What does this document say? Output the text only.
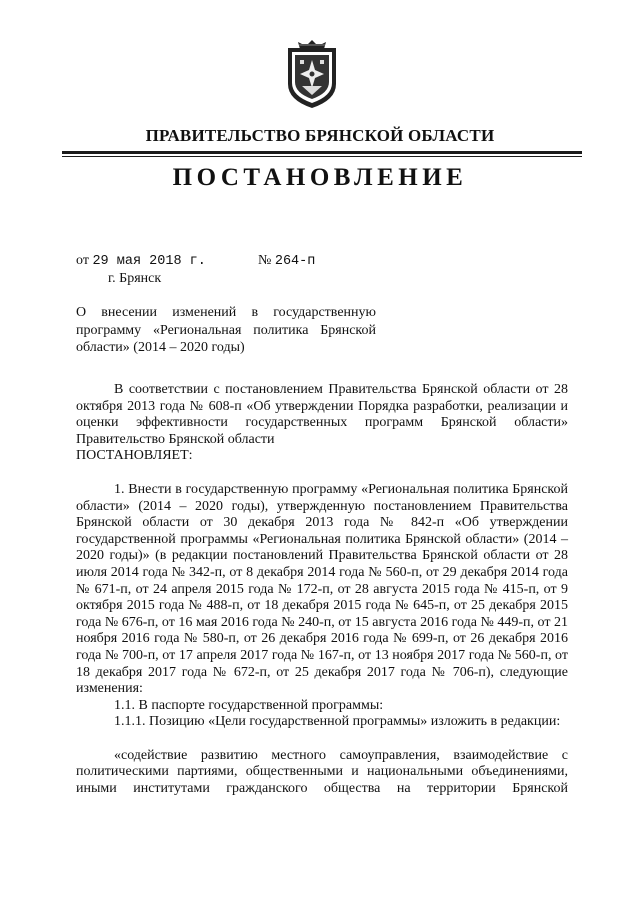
ПРАВИТЕЛЬСТВО БРЯНСКОЙ ОБЛАСТИ
ПОСТАНОВЛЕНИЕ
от 29 мая 2018 г.	№ 264-п
г. Брянск
О внесении изменений в государственную программу «Региональная политика Брянской области» (2014 – 2020 годы)

В соответствии с постановлением Правительства Брянской области от 28 октября 2013 года № 608-п «Об утверждении Порядка разработки, реализации и оценки эффективности государственных программ Брянской области» Правительство Брянской области

ПОСТАНОВЛЯЕТ:

1. Внести в государственную программу «Региональная политика Брянской области» (2014 – 2020 годы), утвержденную постановлением Правительства Брянской области от 30 декабря 2013 года № 842-п «Об утверждении государственной программы «Региональная политика Брянской области» (2014 – 2020 годы)» (в редакции постановлений Правительства Брянской области от 28 июля 2014 года № 342-п, от 8 декабря 2014 года № 560-п, от 29 декабря 2014 года № 671-п, от 24 апреля 2015 года № 172-п, от 28 августа 2015 года № 415-п, от 9 октября 2015 года № 488-п, от 18 декабря 2015 года № 645-п, от 25 декабря 2015 года № 676-п, от 16 мая 2016 года № 240-п, от 15 августа 2016 года № 449-п, от 21 ноября 2016 года № 580-п, от 26 декабря 2016 года № 699-п, от 26 декабря 2016 года № 700-п, от 17 апреля 2017 года № 167-п, от 13 ноября 2017 года № 560-п, от 18 декабря 2017 года № 672-п, от 25 декабря 2017 года № 706-п), следующие изменения:

1.1. В паспорте государственной программы:

1.1.1. Позицию «Цели государственной программы» изложить в редакции:

«содействие развитию местного самоуправления, взаимодействие с политическими партиями, общественными и национальными объединениями, иными институтами гражданского общества на территории Брянской
